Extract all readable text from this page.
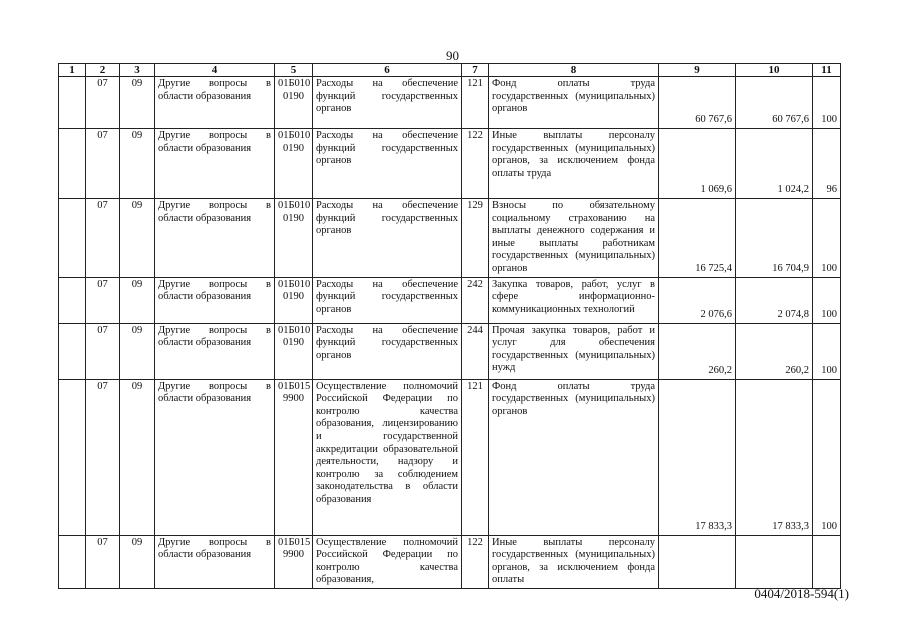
90
1	2	3	4	5	6	7	8	9	10	11
	07	09	Другие вопросы в области образования	01Б010 0190	Расходы на обеспечение функций государственных органов	121	Фонд оплаты труда государственных (муниципальных) органов	60 767,6	60 767,6	100
	07	09	Другие вопросы в области образования	01Б010 0190	Расходы на обеспечение функций государственных органов	122	Иные выплаты персоналу государственных (муниципальных) органов, за исключением фонда оплаты труда	1 069,6	1 024,2	96
	07	09	Другие вопросы в области образования	01Б010 0190	Расходы на обеспечение функций государственных органов	129	Взносы по обязательному социальному страхованию на выплаты денежного содержания и иные выплаты работникам государственных (муниципальных) органов	16 725,4	16 704,9	100
	07	09	Другие вопросы в области образования	01Б010 0190	Расходы на обеспечение функций государственных органов	242	Закупка товаров, работ, услуг в сфере информационно-коммуникационных технологий	2 076,6	2 074,8	100
	07	09	Другие вопросы в области образования	01Б010 0190	Расходы на обеспечение функций государственных органов	244	Прочая закупка товаров, работ и услуг для обеспечения государственных (муниципальных) нужд	260,2	260,2	100
	07	09	Другие вопросы в области образования	01Б015 9900	Осуществление полномочий Российской Федерации по контролю качества образования, лицензированию и государственной аккредитации образовательной деятельности, надзору и контролю за соблюдением законодательства в области образования	121	Фонд оплаты труда государственных (муниципальных) органов	17 833,3	17 833,3	100
	07	09	Другие вопросы в области образования	01Б015 9900	Осуществление полномочий Российской Федерации по контролю качества образования,	122	Иные выплаты персоналу государственных (муниципальных) органов, за исключением фонда оплаты			
0404/2018-594(1)
